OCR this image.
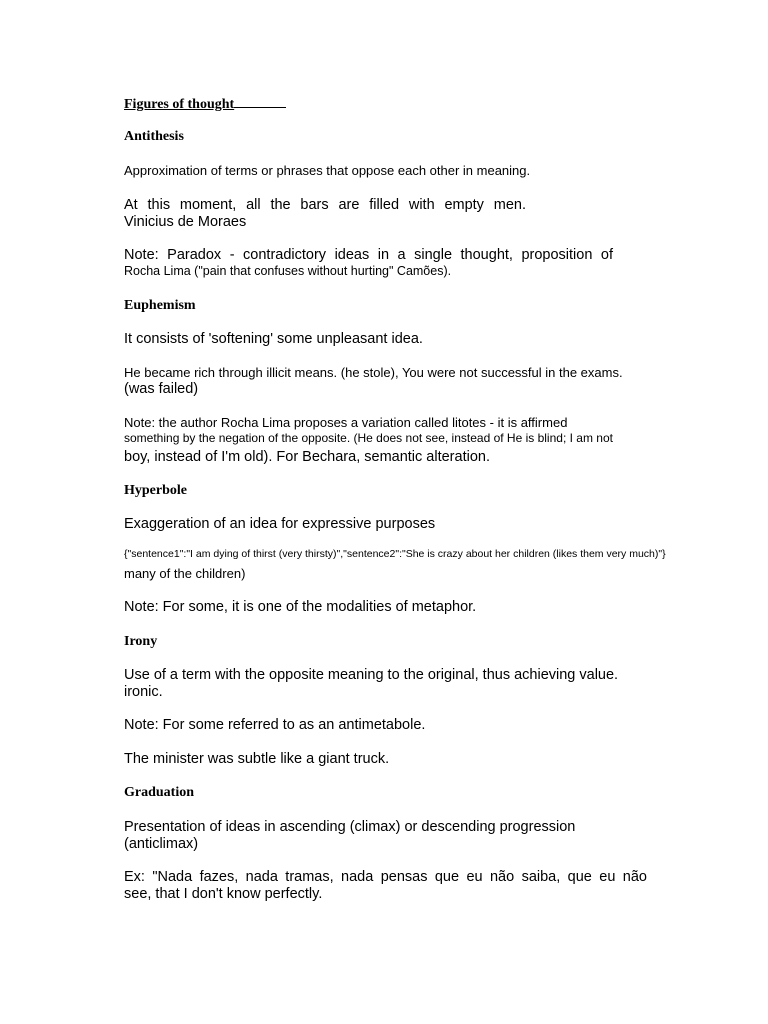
Figures of thought

Antithesis

Approximation of terms or phrases that oppose each other in meaning.

At this moment, all the bars are filled with empty men.

Vinicius de Moraes

Note: Paradox - contradictory ideas in a single thought, proposition of

Rocha Lima ("pain that confuses without hurting" Camões).

Euphemism

It consists of 'softening' some unpleasant idea.

He became rich through illicit means. (he stole), You were not successful in the exams.

(was failed)

Note: the author Rocha Lima proposes a variation called litotes - it is affirmed

something by the negation of the opposite. (He does not see, instead of He is blind; I am not

boy, instead of I'm old). For Bechara, semantic alteration.

Hyperbole

Exaggeration of an idea for expressive purposes

{"sentence1":"I am dying of thirst (very thirsty)","sentence2":"She is crazy about her children (likes them very much)"}

many of the children)

Note: For some, it is one of the modalities of metaphor.

Irony

Use of a term with the opposite meaning to the original, thus achieving value.

ironic.

Note: For some referred to as an antimetabole.

The minister was subtle like a giant truck.

Graduation

Presentation of ideas in ascending (climax) or descending progression

(anticlimax)

Ex: "Nada fazes, nada tramas, nada pensas que eu não saiba, que eu não

see, that I don't know perfectly.
